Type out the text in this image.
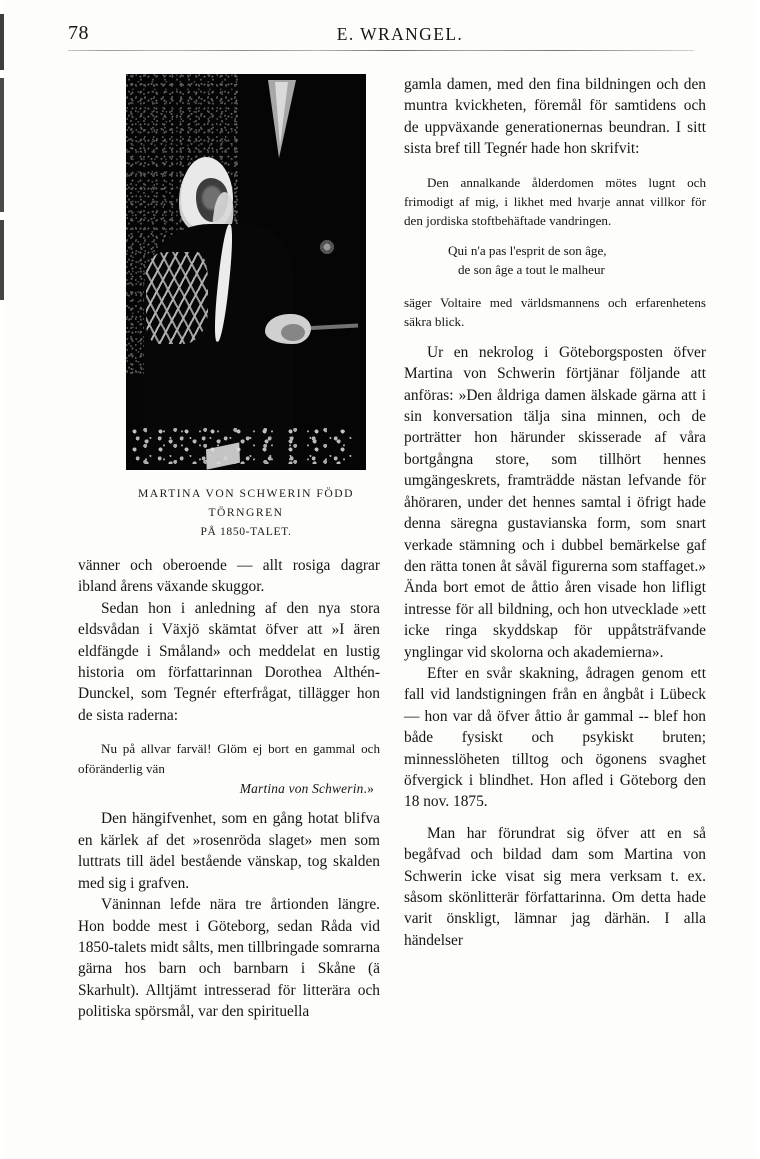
78	E. WRANGEL.
MARTINA VON SCHWERIN FÖDD TÖRNGREN
PÅ 1850-TALET.

vänner och oberoende — allt rosiga dagrar ibland årens växande skuggor.

Sedan hon i anledning af den nya stora eldsvådan i Växjö skämtat öfver att »I ären eldfängde i Småland» och meddelat en lustig historia om författarinnan Dorothea Althén-Dunckel, som Tegnér efterfrågat, tillägger hon de sista raderna:

Nu på allvar farväl! Glöm ej bort en gammal och oföränderlig vän

Martina von Schwerin.»

Den hängifvenhet, som en gång hotat blifva en kärlek af det »rosenröda slaget» men som luttrats till ädel bestående vänskap, tog skalden med sig i grafven.

Väninnan lefde nära tre årtionden längre. Hon bodde mest i Göteborg, sedan Råda vid 1850-talets midt sålts, men tillbringade somrarna gärna hos barn och barnbarn i Skåne (ä Skarhult). Alltjämt intresserad för litterära och politiska spörsmål, var den spirituella

gamla damen, med den fina bildningen och den muntra kvickheten, föremål för samtidens och de uppväxande generationernas beundran. I sitt sista bref till Tegnér hade hon skrifvit:

Den annalkande ålderdomen mötes lugnt och frimodigt af mig, i likhet med hvarje annat villkor för den jordiska stoftbehäftade vandringen.

Qui n'a pas l'esprit de son âge,
de son âge a tout le malheur

säger Voltaire med världsmannens och erfarenhetens säkra blick.

Ur en nekrolog i Göteborgsposten öfver Martina von Schwerin förtjänar följande att anföras: »Den åldriga damen älskade gärna att i sin konversation tälja sina minnen, och de porträtter hon härunder skisserade af våra bortgångna store, som tillhört hennes umgängeskrets, framträdde nästan lefvande för åhöraren, under det hennes samtal i öfrigt hade denna säregna gustavianska form, som snart verkade stämning och i dubbel bemärkelse gaf den rätta tonen åt såväl figurerna som staffaget.» Ända bort emot de åttio åren visade hon lifligt intresse för all bildning, och hon utvecklade »ett icke ringa skyddskap för uppåtsträfvande ynglingar vid skolorna och akademierna».

Efter en svår skakning, ådragen genom ett fall vid landstigningen från en ångbåt i Lübeck — hon var då öfver åttio år gammal -- blef hon både fysiskt och psykiskt bruten; minnesslöheten tilltog och ögonens svaghet öfvergick i blindhet. Hon afled i Göteborg den 18 nov. 1875.

Man har förundrat sig öfver att en så begåfvad och bildad dam som Martina von Schwerin icke visat sig mera verksam t. ex. såsom skönlitterär författarinna. Om detta hade varit önskligt, lämnar jag därhän. I alla händelser
